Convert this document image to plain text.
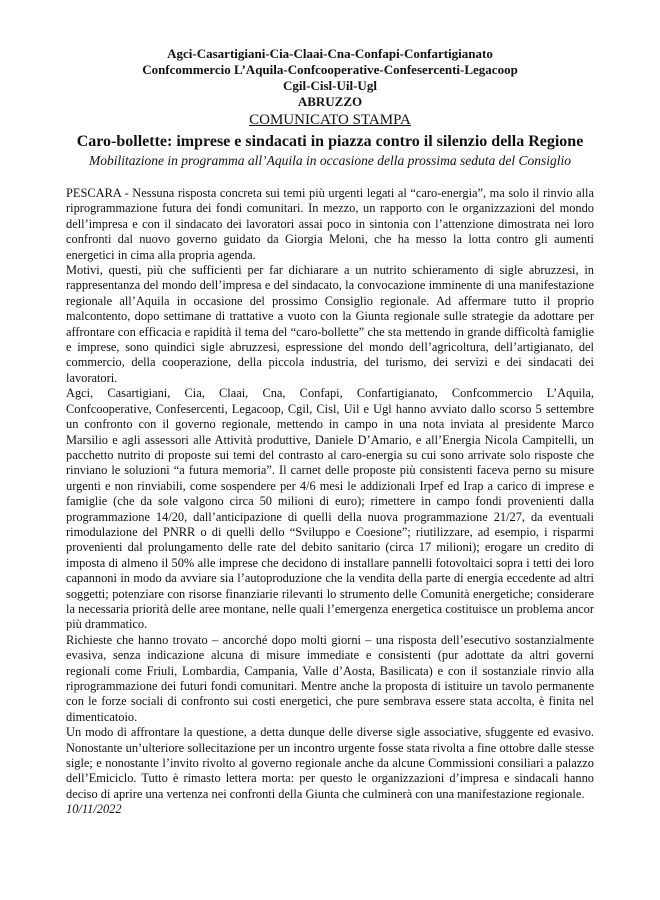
Agci-Casartigiani-Cia-Claai-Cna-Confapi-Confartigianato
Confcommercio L’Aquila-Confcooperative-Confesercenti-Legacoop
Cgil-Cisl-Uil-Ugl
ABRUZZO
COMUNICATO STAMPA
Caro-bollette: imprese e sindacati in piazza contro il silenzio della Regione
Mobilitazione in programma all’Aquila in occasione della prossima seduta del Consiglio

PESCARA - Nessuna risposta concreta sui temi più urgenti legati al “caro-energia”, ma solo il rinvio alla riprogrammazione futura dei fondi comunitari. In mezzo, un rapporto con le organizzazioni del mondo dell’impresa e con il sindacato dei lavoratori assai poco in sintonia con l’attenzione dimostrata nei loro confronti dal nuovo governo guidato da Giorgia Meloni, che ha messo la lotta contro gli aumenti energetici in cima alla propria agenda.

Motivi, questi, più che sufficienti per far dichiarare a un nutrito schieramento di sigle abruzzesi, in rappresentanza del mondo dell’impresa e del sindacato, la convocazione imminente di una manifestazione regionale all’Aquila in occasione del prossimo Consiglio regionale. Ad affermare tutto il proprio malcontento, dopo settimane di trattative a vuoto con la Giunta regionale sulle strategie da adottare per affrontare con efficacia e rapidità il tema del “caro-bollette” che sta mettendo in grande difficoltà famiglie e imprese, sono quindici sigle abruzzesi, espressione del mondo dell’agricoltura, dell’artigianato, del commercio, della cooperazione, della piccola industria, del turismo, dei servizi e dei sindacati dei lavoratori.

Agci, Casartigiani, Cia, Claai, Cna, Confapi, Confartigianato, Confcommercio L’Aquila, Confcooperative, Confesercenti, Legacoop, Cgil, Cisl, Uil e Ugl hanno avviato dallo scorso 5 settembre un confronto con il governo regionale, mettendo in campo in una nota inviata al presidente Marco Marsilio e agli assessori alle Attività produttive, Daniele D’Amario, e all’Energia Nicola Campitelli, un pacchetto nutrito di proposte sui temi del contrasto al caro-energia su cui sono arrivate solo risposte che rinviano le soluzioni “a futura memoria”. Il carnet delle proposte più consistenti faceva perno su misure urgenti e non rinviabili, come sospendere per 4/6 mesi le addizionali Irpef ed Irap a carico di imprese e famiglie (che da sole valgono circa 50 milioni di euro); rimettere in campo fondi provenienti dalla programmazione 14/20, dall’anticipazione di quelli della nuova programmazione 21/27, da eventuali rimodulazione del PNRR o di quelli dello “Sviluppo e Coesione”; riutilizzare, ad esempio, i risparmi provenienti dal prolungamento delle rate del debito sanitario (circa 17 milioni); erogare un credito di imposta di almeno il 50% alle imprese che decidono di installare pannelli fotovoltaici sopra i tetti dei loro capannoni in modo da avviare sia l’autoproduzione che la vendita della parte di energia eccedente ad altri soggetti; potenziare con risorse finanziarie rilevanti lo strumento delle Comunità energetiche; considerare la necessaria priorità delle aree montane, nelle quali l’emergenza energetica costituisce un problema ancor più drammatico.

Richieste che hanno trovato – ancorché dopo molti giorni – una risposta dell’esecutivo sostanzialmente evasiva, senza indicazione alcuna di misure immediate e consistenti (pur adottate da altri governi regionali come Friuli, Lombardia, Campania, Valle d’Aosta, Basilicata) e con il sostanziale rinvio alla riprogrammazione dei futuri fondi comunitari. Mentre anche la proposta di istituire un tavolo permanente con le forze sociali di confronto sui costi energetici, che pure sembrava essere stata accolta, è finita nel dimenticatoio.

Un modo di affrontare la questione, a detta dunque delle diverse sigle associative, sfuggente ed evasivo. Nonostante un’ulteriore sollecitazione per un incontro urgente fosse stata rivolta a fine ottobre dalle stesse sigle; e nonostante l’invito rivolto al governo regionale anche da alcune Commissioni consiliari a palazzo dell’Emiciclo. Tutto è rimasto lettera morta: per questo le organizzazioni d’impresa e sindacali hanno deciso di aprire una vertenza nei confronti della Giunta che culminerà con una manifestazione regionale.

10/11/2022
